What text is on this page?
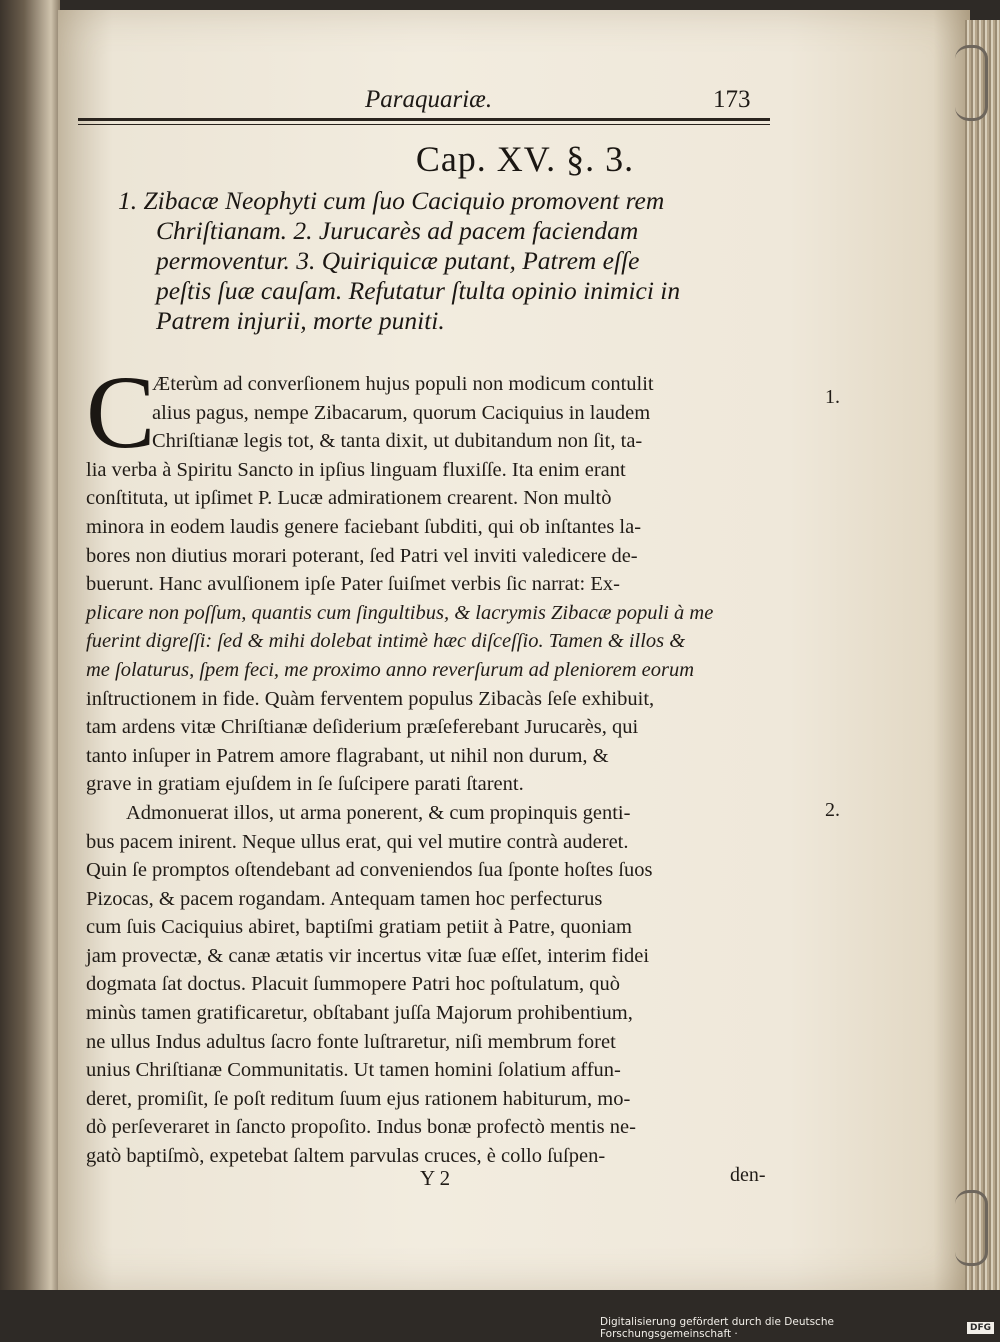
Paraquariæ.	173
Cap. XV. §. 3.
1. Zibacæ Neophyti cum ſuo Caciquio promovent rem
Chriſtianam. 2. Jurucarès ad pacem faciendam
permoventur. 3. Quiriquicæ putant, Patrem eſſe
peſtis ſuæ cauſam. Refutatur ſtulta opinio inimici in
Patrem injurii, morte puniti.
C
Æterùm ad converſionem hujus populi non modicum contulit
alius pagus, nempe Zibacarum, quorum Caciquius in laudem
Chriſtianæ legis tot, & tanta dixit, ut dubitandum non ſit, ta-
lia verba à Spiritu Sancto in ipſius linguam fluxiſſe. Ita enim erant
conſtituta, ut ipſimet P. Lucæ admirationem crearent. Non multò
minora in eodem laudis genere faciebant ſubditi, qui ob inſtantes la-
bores non diutius morari poterant, ſed Patri vel inviti valedicere de-
buerunt. Hanc avulſionem ipſe Pater ſuiſmet verbis ſic narrat: Ex-
plicare non poſſum, quantis cum ſingultibus, & lacrymis Zibacæ populi à me
fuerint digreſſi: ſed & mihi dolebat intimè hæc diſceſſio. Tamen & illos &
me ſolaturus, ſpem feci, me proximo anno reverſurum ad pleniorem eorum
inſtructionem in fide. Quàm ferventem populus Zibacàs ſeſe exhibuit,
tam ardens vitæ Chriſtianæ deſiderium præſeferebant Jurucarès, qui
tanto inſuper in Patrem amore flagrabant, ut nihil non durum, &
grave in gratiam ejuſdem in ſe ſuſcipere parati ſtarent.
Admonuerat illos, ut arma ponerent, & cum propinquis genti-
bus pacem inirent. Neque ullus erat, qui vel mutire contrà auderet.
Quin ſe promptos oſtendebant ad conveniendos ſua ſponte hoſtes ſuos
Pizocas, & pacem rogandam. Antequam tamen hoc perfecturus
cum ſuis Caciquius abiret, baptiſmi gratiam petiit à Patre, quoniam
jam provectæ, & canæ ætatis vir incertus vitæ ſuæ eſſet, interim fidei
dogmata ſat doctus. Placuit ſummopere Patri hoc poſtulatum, quò
minùs tamen gratificaretur, obſtabant juſſa Majorum prohibentium,
ne ullus Indus adultus ſacro fonte luſtraretur, niſi membrum foret
unius Chriſtianæ Communitatis. Ut tamen homini ſolatium affun-
deret, promiſit, ſe poſt reditum ſuum ejus rationem habiturum, mo-
dò perſeveraret in ſancto propoſito. Indus bonæ profectò mentis ne-
gatò baptiſmò, expetebat ſaltem parvulas cruces, è collo ſuſpen-
1.
2.
Y 2	den-
Digitalisierung gefördert durch die Deutsche Forschungsgemeinschaft ·	DFG
